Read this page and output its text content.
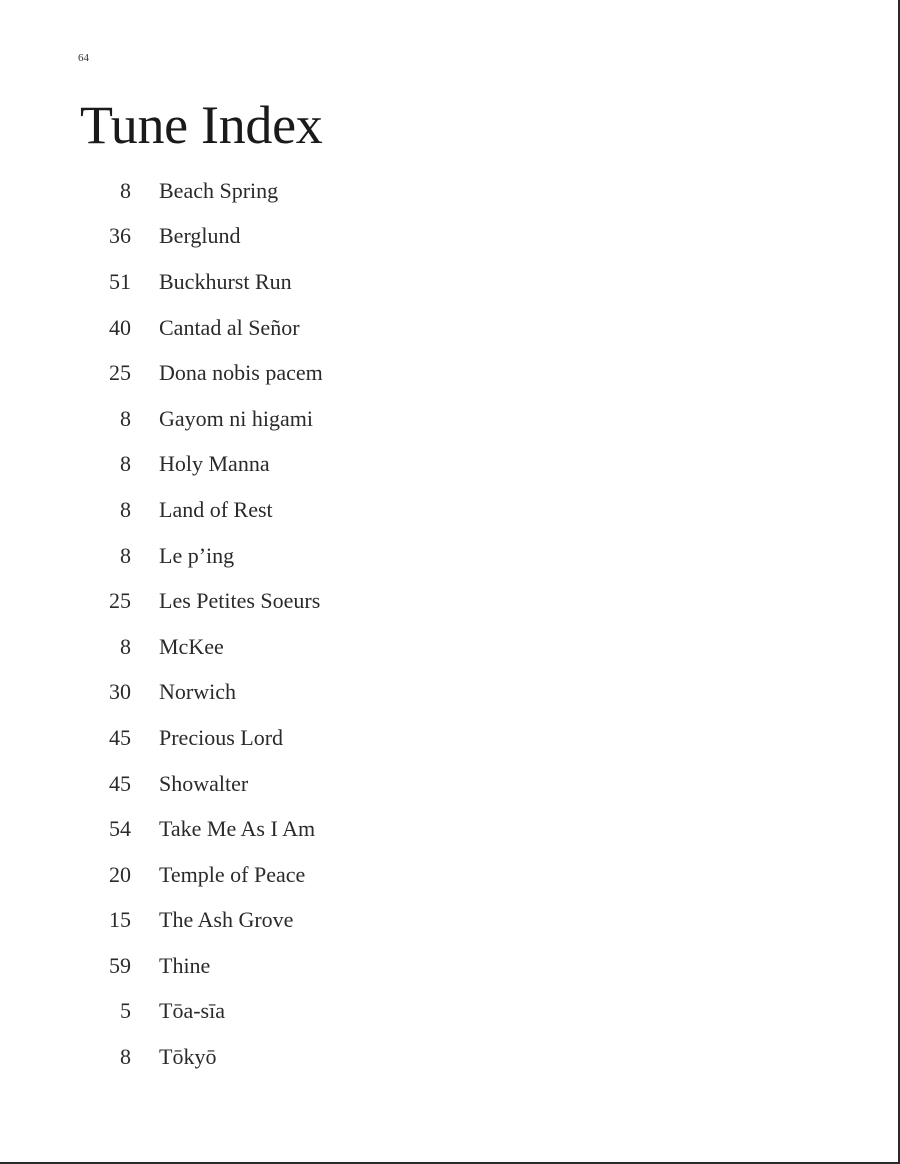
64
Tune Index
8 Beach Spring
36 Berglund
51 Buckhurst Run
40 Cantad al Señor
25 Dona nobis pacem
8 Gayom ni higami
8 Holy Manna
8 Land of Rest
8 Le p’ing
25 Les Petites Soeurs
8 McKee
30 Norwich
45 Precious Lord
45 Showalter
54 Take Me As I Am
20 Temple of Peace
15 The Ash Grove
59 Thine
5 Tōa-sīa
8 Tōkyō
